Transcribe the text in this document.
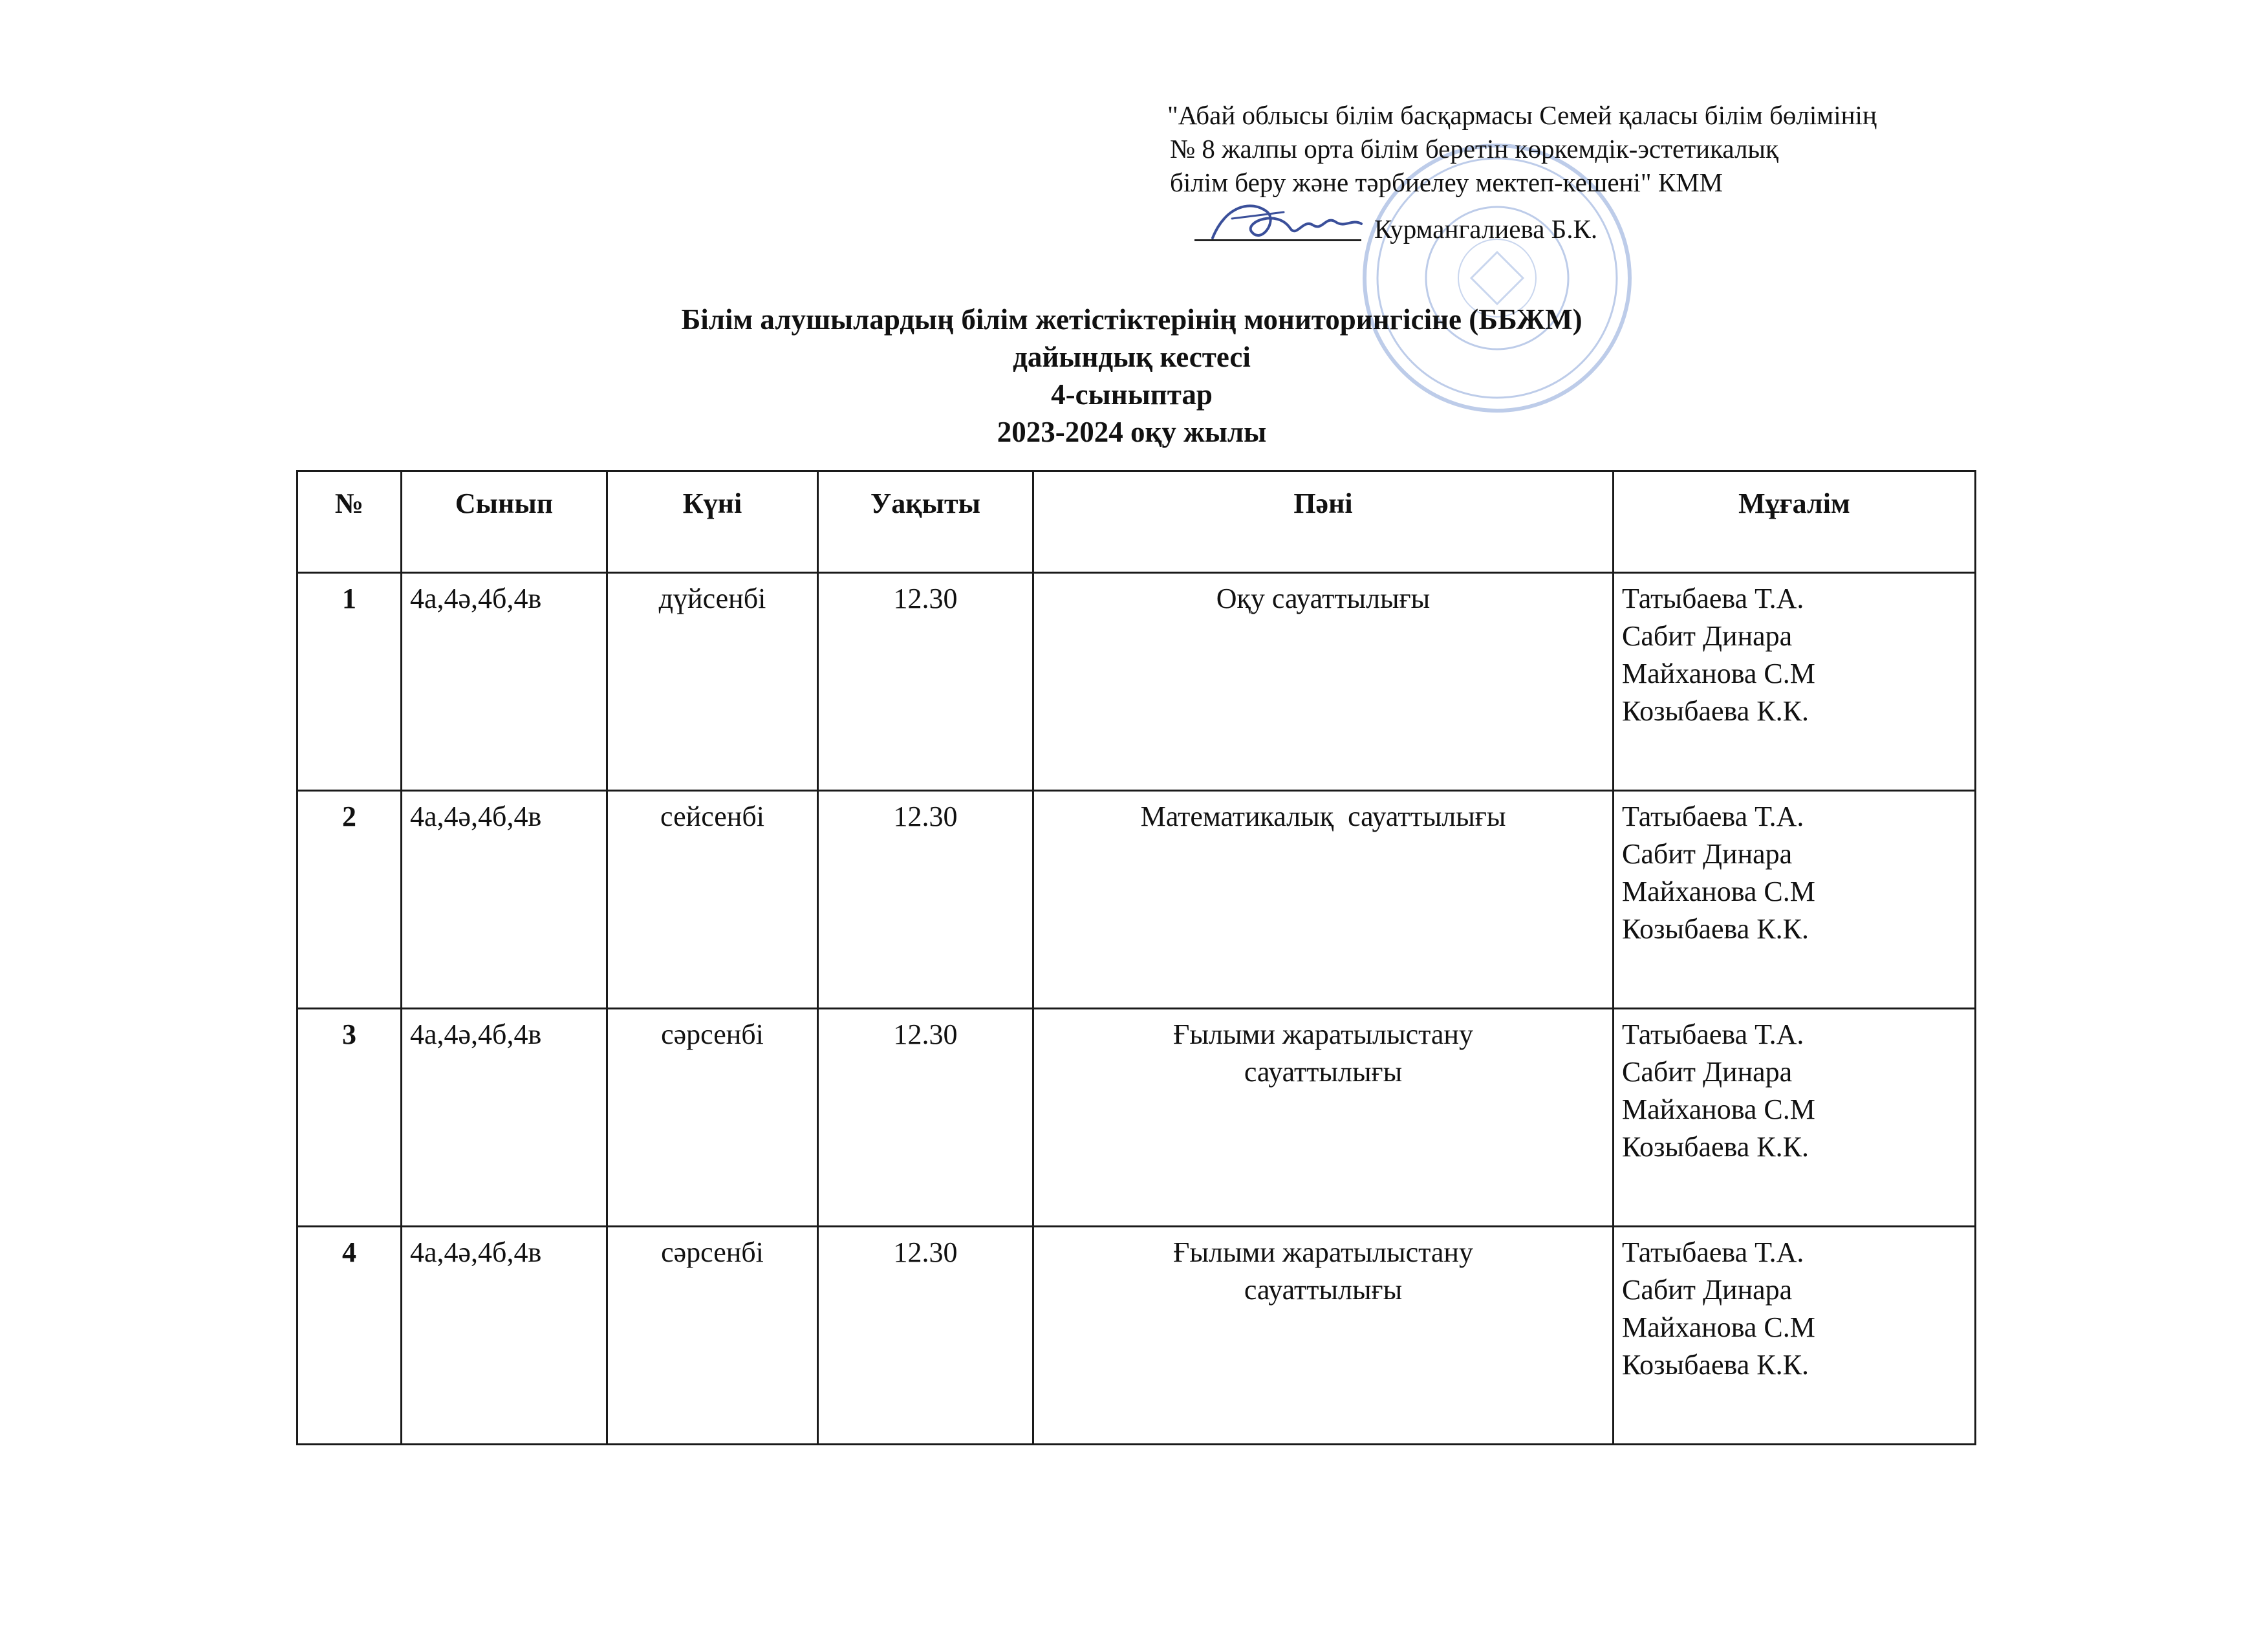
"Абай облысы білім басқармасы Семей қаласы білім бөлімінің
№ 8 жалпы орта білім беретін көркемдік-эстетикалық
білім беру және тәрбиелеу мектеп-кешені" КММ
Курмангалиева Б.К.
Білім алушылардың білім жетістіктерінің мониторингісіне (ББЖМ)
дайындық кестесі
4-сыныптар
2023-2024 оқу жылы
№	Сынып	Күні	Уақыты	Пәні	Мұғалім
1	4а,4ә,4б,4в	дүйсенбі	12.30	Оқу сауаттылығы	Татыбаева Т.А.
Сабит Динара
Майханова С.М
Козыбаева К.К.

2	4а,4ә,4б,4в	сейсенбі	12.30	Математикалық  сауаттылығы	Татыбаева Т.А.
Сабит Динара
Майханова С.М
Козыбаева К.К.

3	4а,4ә,4б,4в	сәрсенбі	12.30	Ғылыми жаратылыстану сауаттылығы	Татыбаева Т.А.
Сабит Динара
Майханова С.М
Козыбаева К.К.

4	4а,4ә,4б,4в	сәрсенбі	12.30	Ғылыми жаратылыстану сауаттылығы	Татыбаева Т.А.
Сабит Динара
Майханова С.М
Козыбаева К.К.
